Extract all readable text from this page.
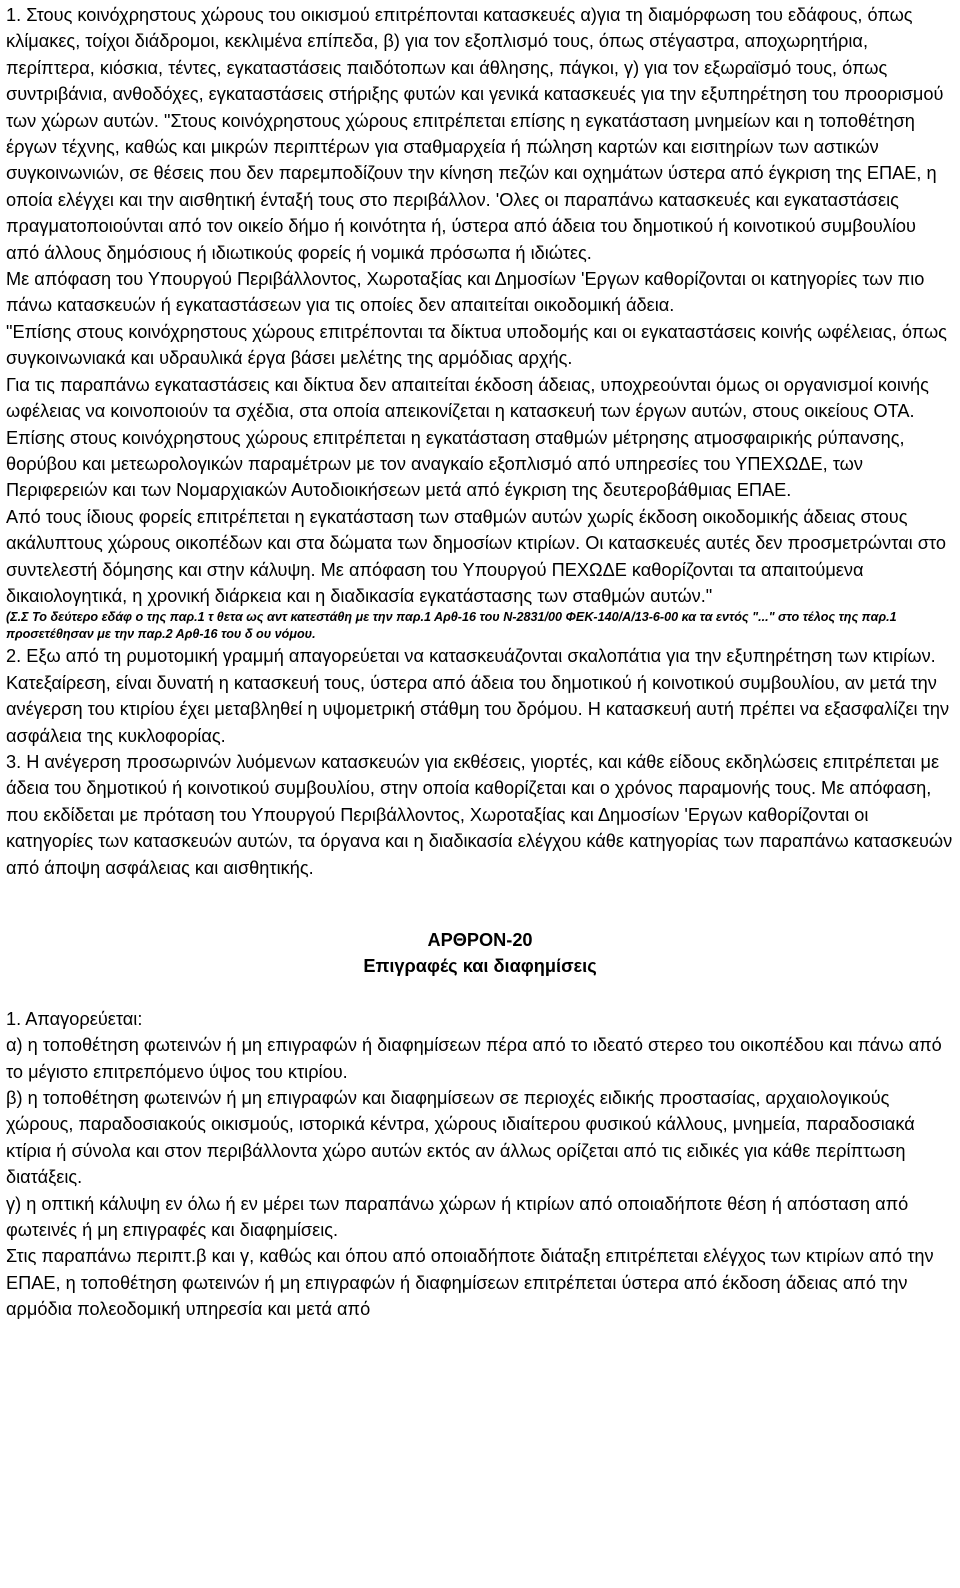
1. Στους κοινόχρηστους χώρους του οικισμού επιτρέπονται κατασκευές α)για τη διαμόρφωση του εδάφους, όπως κλίμακες, τοίχοι διάδρομοι, κεκλιμένα επίπεδα, β) για τον εξοπλισμό τους, όπως στέγαστρα, αποχωρητήρια, περίπτερα, κιόσκια, τέντες, εγκαταστάσεις παιδότοπων και άθλησης, πάγκοι, γ) για τον εξωραϊσμό τους, όπως συντριβάνια, ανθοδόχες, εγκαταστάσεις στήριξης φυτών και γενικά κατασκευές για την εξυπηρέτηση του προορισμού των χώρων αυτών. "Στους κοινόχρηστους χώρους επιτρέπεται επίσης η εγκατάσταση μνημείων και η τοποθέτηση έργων τέχνης, καθώς και μικρών περιπτέρων για σταθμαρχεία ή πώληση καρτών και εισιτηρίων των αστικών συγκοινωνιών, σε θέσεις που δεν παρεμποδίζουν την κίνηση πεζών και οχημάτων ύστερα από έγκριση της ΕΠΑΕ, η οποία ελέγχει και την αισθητική ένταξή τους στο περιβάλλον. 'Ολες οι παραπάνω κατασκευές και εγκαταστάσεις πραγματοποιούνται από τον οικείο δήμο ή κοινότητα ή, ύστερα από άδεια του δημοτικού ή κοινοτικού συμβουλίου από άλλους δημόσιους ή ιδιωτικούς φορείς ή νομικά πρόσωπα ή ιδιώτες.

Με απόφαση του Υπουργού Περιβάλλοντος, Χωροταξίας και Δημοσίων 'Εργων καθορίζονται οι κατηγορίες των πιο πάνω κατασκευών ή εγκαταστάσεων για τις οποίες δεν απαιτείται οικοδομική άδεια.

"Επίσης στους κοινόχρηστους χώρους επιτρέπονται τα δίκτυα υποδομής και οι εγκαταστάσεις κοινής ωφέλειας, όπως συγκοινωνιακά και υδραυλικά έργα βάσει μελέτης της αρμόδιας αρχής.

Για τις παραπάνω εγκαταστάσεις και δίκτυα δεν απαιτείται έκδοση άδειας, υποχρεούνται όμως οι οργανισμοί κοινής ωφέλειας να κοινοποιούν τα σχέδια, στα οποία απεικονίζεται η κατασκευή των έργων αυτών, στους οικείους ΟΤΑ.

Επίσης στους κοινόχρηστους χώρους επιτρέπεται η εγκατάσταση σταθμών μέτρησης ατμοσφαιρικής ρύπανσης, θορύβου και μετεωρολογικών παραμέτρων με τον αναγκαίο εξοπλισμό από υπηρεσίες του ΥΠΕΧΩΔΕ, των Περιφερειών και των Νομαρχιακών Αυτοδιοικήσεων μετά από έγκριση της δευτεροβάθμιας ΕΠΑΕ.

Από τους ίδιους φορείς επιτρέπεται η εγκατάσταση των σταθμών αυτών χωρίς έκδοση οικοδομικής άδειας στους ακάλυπτους χώρους οικοπέδων και στα δώματα των δημοσίων κτιρίων. Οι κατασκευές αυτές δεν προσμετρώνται στο συντελεστή δόμησης και στην κάλυψη. Με απόφαση του Υπουργού ΠΕΧΩΔΕ καθορίζονται τα απαιτούμενα δικαιολογητικά, η χρονική διάρκεια και η διαδικασία εγκατάστασης των σταθμών αυτών."

(Σ.Σ Το δεύτερο εδάφ ο της παρ.1 τ θετα ως αντ κατεστάθη με την παρ.1 Αρθ-16 του Ν-2831/00 ΦΕΚ-140/Α/13-6-00 κα τα εντός "..." στο τέλος της παρ.1 προσετέθησαν με την παρ.2 Αρθ-16 του δ ου νόμου.

2. Εξω από τη ρυμοτομική γραμμή απαγορεύεται να κατασκευάζονται σκαλοπάτια για την εξυπηρέτηση των κτιρίων. Κατεξαίρεση, είναι δυνατή η κατασκευή τους, ύστερα από άδεια του δημοτικού ή κοινοτικού συμβουλίου, αν μετά την ανέγερση του κτιρίου έχει μεταβληθεί η υψομετρική στάθμη του δρόμου. Η κατασκευή αυτή πρέπει να εξασφαλίζει την ασφάλεια της κυκλοφορίας.

3. Η ανέγερση προσωρινών λυόμενων κατασκευών για εκθέσεις, γιορτές, και κάθε είδους εκδηλώσεις επιτρέπεται με άδεια του δημοτικού ή κοινοτικού συμβουλίου, στην οποία καθορίζεται και ο χρόνος παραμονής τους. Με απόφαση, που εκδίδεται με πρόταση του Υπουργού Περιβάλλοντος, Χωροταξίας και Δημοσίων 'Εργων καθορίζονται οι κατηγορίες των κατασκευών αυτών, τα όργανα και η διαδικασία ελέγχου κάθε κατηγορίας των παραπάνω κατασκευών από άποψη ασφάλειας και αισθητικής.

ΑΡΘΡΟΝ-20

Επιγραφές και διαφημίσεις

1. Απαγορεύεται:

α) η τοποθέτηση φωτεινών ή μη επιγραφών ή διαφημίσεων πέρα από το ιδεατό στερεο του οικοπέδου και πάνω από το μέγιστο επιτρεπόμενο ύψος του κτιρίου.

β) η τοποθέτηση φωτεινών ή μη επιγραφών και διαφημίσεων σε περιοχές ειδικής προστασίας, αρχαιολογικούς χώρους, παραδοσιακούς οικισμούς, ιστορικά κέντρα, χώρους ιδιαίτερου φυσικού κάλλους, μνημεία, παραδοσιακά κτίρια ή σύνολα και στον περιβάλλοντα χώρο αυτών εκτός αν άλλως ορίζεται από τις ειδικές για κάθε περίπτωση διατάξεις.

γ) η οπτική κάλυψη εν όλω ή εν μέρει των παραπάνω χώρων ή κτιρίων από οποιαδήποτε θέση ή απόσταση από φωτεινές ή μη επιγραφές και διαφημίσεις.

Στις παραπάνω περιπτ.β και γ, καθώς και όπου από οποιαδήποτε διάταξη επιτρέπεται ελέγχος των κτιρίων από την ΕΠΑΕ, η τοποθέτηση φωτεινών ή μη επιγραφών ή διαφημίσεων επιτρέπεται ύστερα από έκδοση άδειας από την αρμόδια πολεοδομική υπηρεσία και μετά από
